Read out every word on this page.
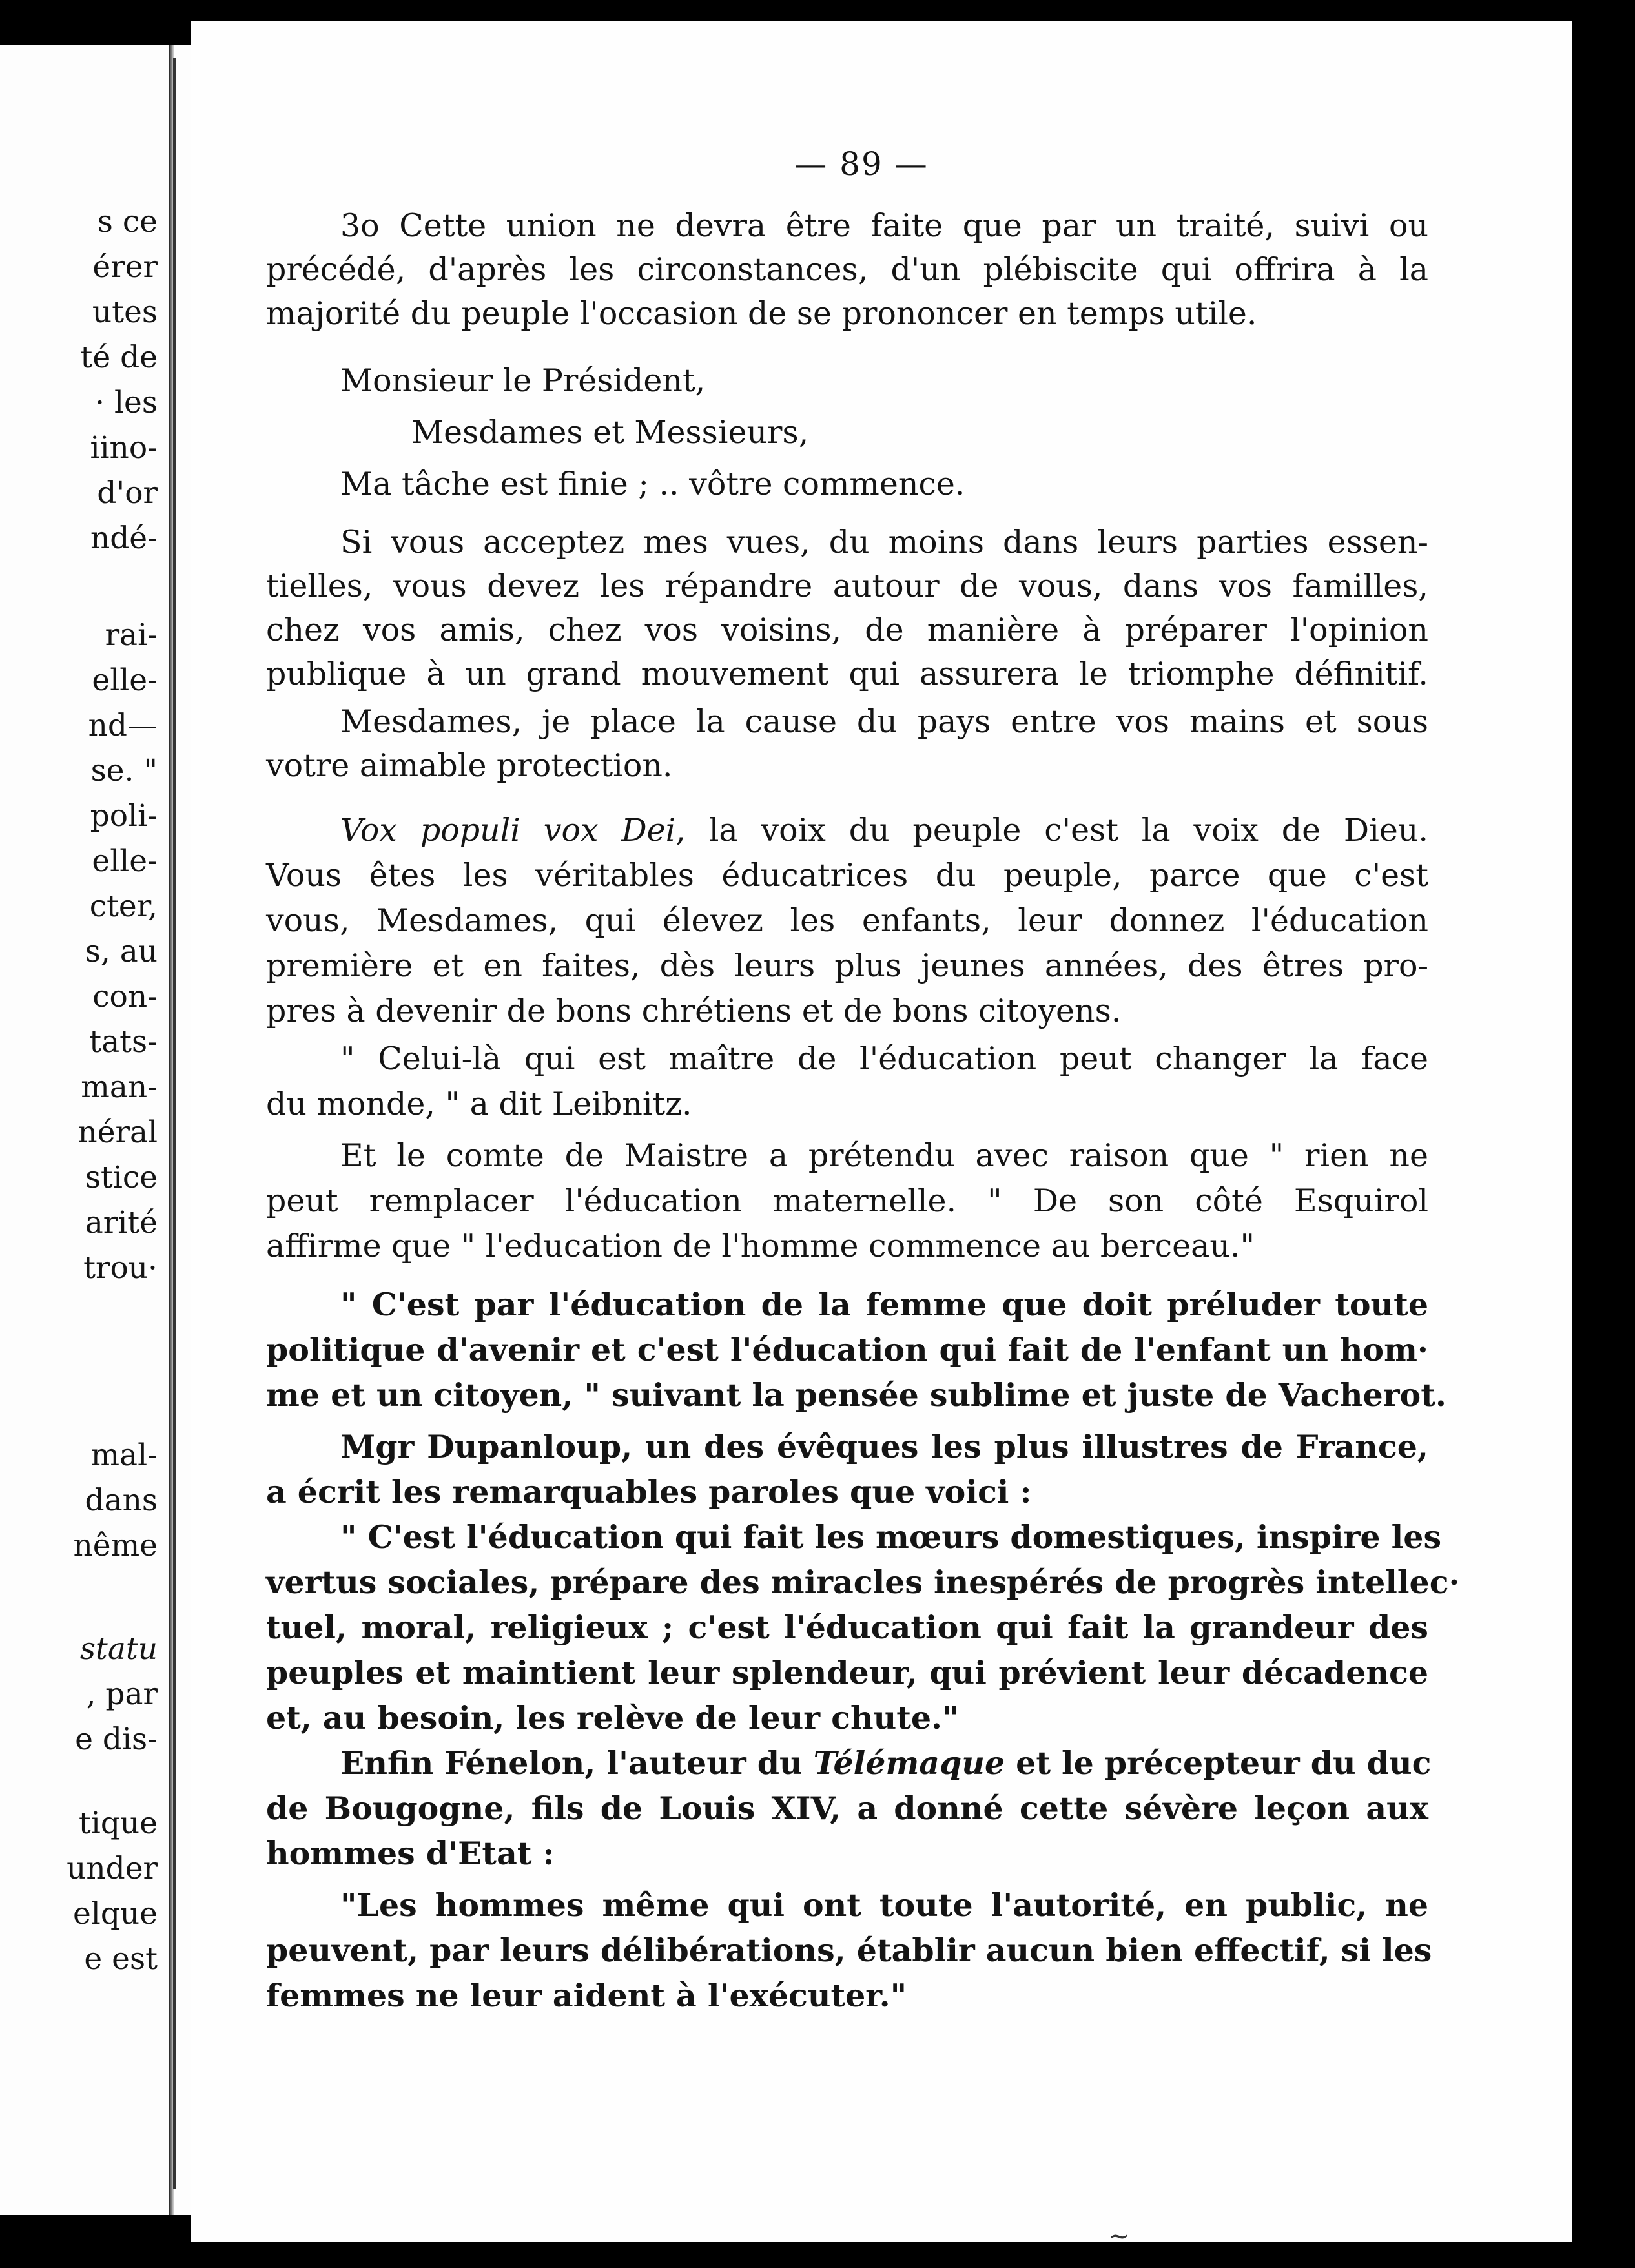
s ce
érer
utes
té de
· les
iino-
d'or
ndé-
rai-
elle-
nd—
se. "
poli-
elle-
cter,
s, au
con-
tats-
man-
néral
stice
arité
trou·
mal-
dans
nême
statu
, par
e dis-
tique
under
elque
e est
— 89 —
~
3o Cette union ne devra être faite que par un traité, suivi ou
précédé, d'après les circonstances, d'un plébiscite qui offrira à la
majorité du peuple l'occasion de se prononcer en temps utile.
Monsieur le Président,
Mesdames et Messieurs,
Ma tâche est finie ; .. vôtre commence.
Si vous acceptez mes vues, du moins dans leurs parties essen-
tielles, vous devez les répandre autour de vous, dans vos familles,
chez vos amis, chez vos voisins, de manière à préparer l'opinion
publique à un grand mouvement qui assurera le triomphe définitif.
Mesdames, je place la cause du pays entre vos mains et sous
votre aimable protection.
Vox populi vox Dei, la voix du peuple c'est la voix de Dieu.
Vous êtes les véritables éducatrices du peuple, parce que c'est
vous, Mesdames, qui élevez les enfants, leur donnez l'éducation
première et en faites, dès leurs plus jeunes années, des êtres pro-
pres à devenir de bons chrétiens et de bons citoyens.
" Celui-là qui est maître de l'éducation peut changer la face
du monde, " a dit Leibnitz.
Et le comte de Maistre a prétendu avec raison que " rien ne
peut remplacer l'éducation maternelle. " De son côté Esquirol
affirme que " l'education de l'homme commence au berceau."
" C'est par l'éducation de la femme que doit préluder toute
politique d'avenir et c'est l'éducation qui fait de l'enfant un hom·
me et un citoyen, " suivant la pensée sublime et juste de Vacherot.
Mgr Dupanloup, un des évêques les plus illustres de France,
a écrit les remarquables paroles que voici :
" C'est l'éducation qui fait les mœurs domestiques, inspire les
vertus sociales, prépare des miracles inespérés de progrès intellec·
tuel, moral, religieux ; c'est l'éducation qui fait la grandeur des
peuples et maintient leur splendeur, qui prévient leur décadence
et, au besoin, les relève de leur chute."
Enfin Fénelon, l'auteur du Télémaque et le précepteur du duc
de Bougogne, fils de Louis XIV, a donné cette sévère leçon aux
hommes d'Etat :
"Les hommes même qui ont toute l'autorité, en public, ne
peuvent, par leurs délibérations, établir aucun bien effectif, si les
femmes ne leur aident à l'exécuter."
